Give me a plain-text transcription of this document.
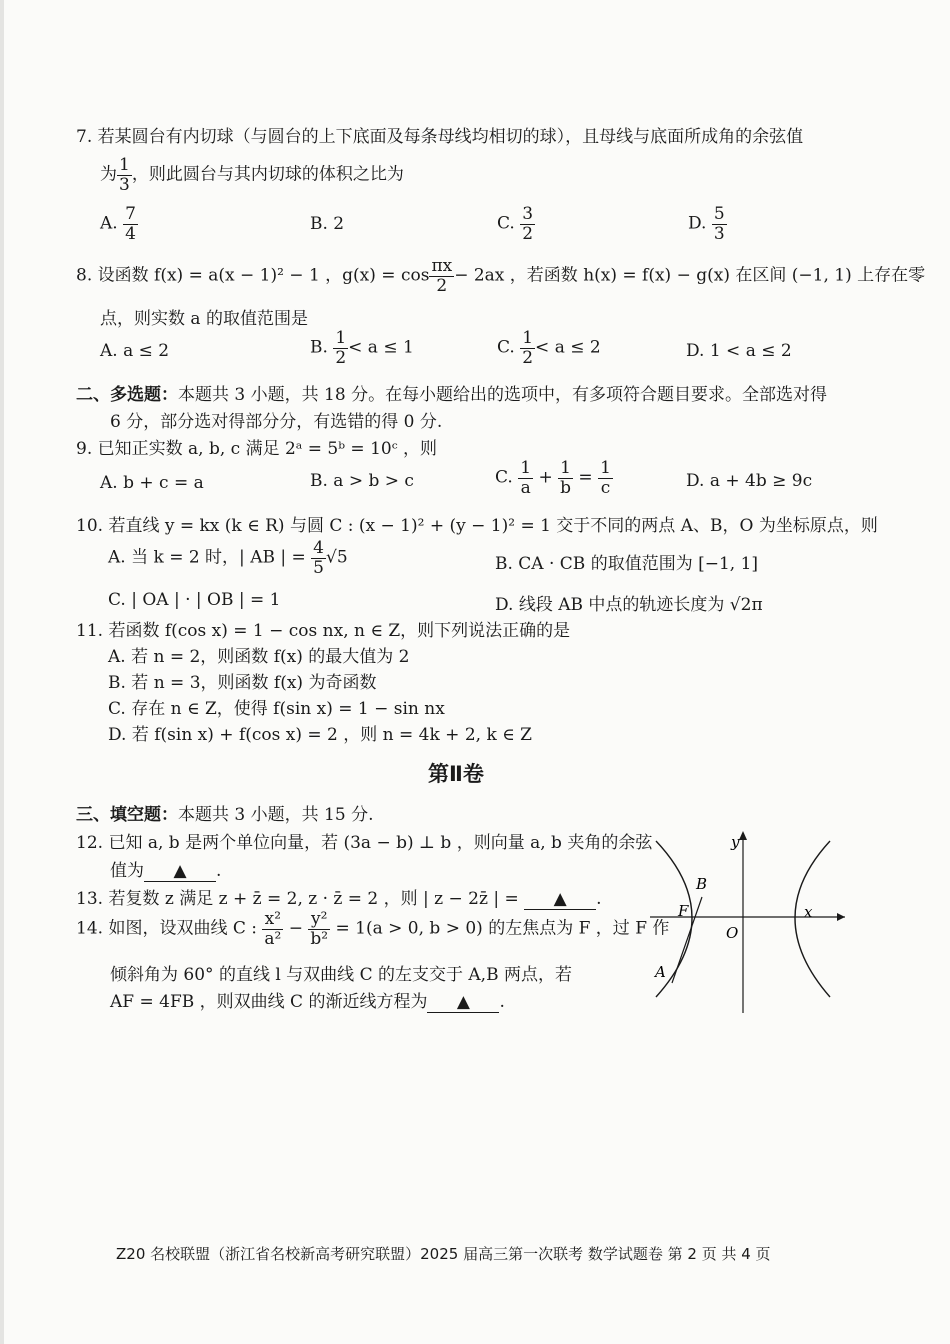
7. 若某圆台有内切球（与圆台的上下底面及每条母线均相切的球），且母线与底面所成角的余弦值
为 $\frac{1}{3}$ ，则此圆台与其内切球的体积之比为
A. $\frac{7}{4}$	B. 2	C. $\frac{3}{2}$	D. $\frac{5}{3}$
8. 设函数 f(x) = a(x − 1)² − 1 ，$g(x) = \cos \frac{\pi x}{2} - 2ax$ ，若函数 h(x) = f(x) − g(x) 在区间 (−1, 1) 上存在零
点，则实数 a 的取值范围是
A. a ≤ 2	B. $\frac{1}{2} < a \le 1$	C. $\frac{1}{2} < a \le 2$	D. 1 < a ≤ 2
二、多选题：本题共 3 小题，共 18 分。在每小题给出的选项中，有多项符合题目要求。全部选对得
6 分，部分选对得部分分，有选错的得 0 分.
9. 已知正实数 a, b, c 满足 2ᵃ = 5ᵇ = 10ᶜ ，则
A. b + c = a	B. a > b > c	C. $\frac{1}{a} + \frac{1}{b} = \frac{1}{c}$	D. a + 4b ≥ 9c
10. 若直线 y = kx (k ∈ R) 与圆 C : (x − 1)² + (y − 1)² = 1 交于不同的两点 A、B，O 为坐标原点，则
A. 当 k = 2 时，| AB | = $\frac{4}{5} √5$	B. CA · CB 的取值范围为 [−1, 1]
C. | OA | · | OB | = 1	D. 线段 AB 中点的轨迹长度为 √2π
11. 若函数 f(cos x) = 1 − cos nx, n ∈ Z，则下列说法正确的是
A. 若 n = 2，则函数 f(x) 的最大值为 2
B. 若 n = 3，则函数 f(x) 为奇函数
C. 存在 n ∈ Z，使得 f(sin x) = 1 − sin nx
D. 若 f(sin x) + f(cos x) = 2 ，则 n = 4k + 2, k ∈ Z
第Ⅱ卷
三、填空题：本题共 3 小题，共 15 分.
12. 已知 a, b 是两个单位向量，若 (3a − b) ⊥ b ，则向量 a, b 夹角的余弦
值为 ▲ .
13. 若复数 z 满足 z + z̄ = 2, z · z̄ = 2 ，则 | z − 2z̄ | = ▲ .
14. 如图，设双曲线 C : $\frac{\text{x²}}{\text{a²}} - \frac{\text{y²}}{\text{b²}} = 1(a > 0$, b > 0) 的左焦点为 F ，过 F 作
倾斜角为 60° 的直线 l 与双曲线 C 的左支交于 A,B 两点，若
AF = 4FB ，则双曲线 C 的渐近线方程为 ▲ .
x
y
O
F
A
B
Z20 名校联盟（浙江省名校新高考研究联盟）2025 届高三第一次联考 数学试题卷 第 2 页 共 4 页
